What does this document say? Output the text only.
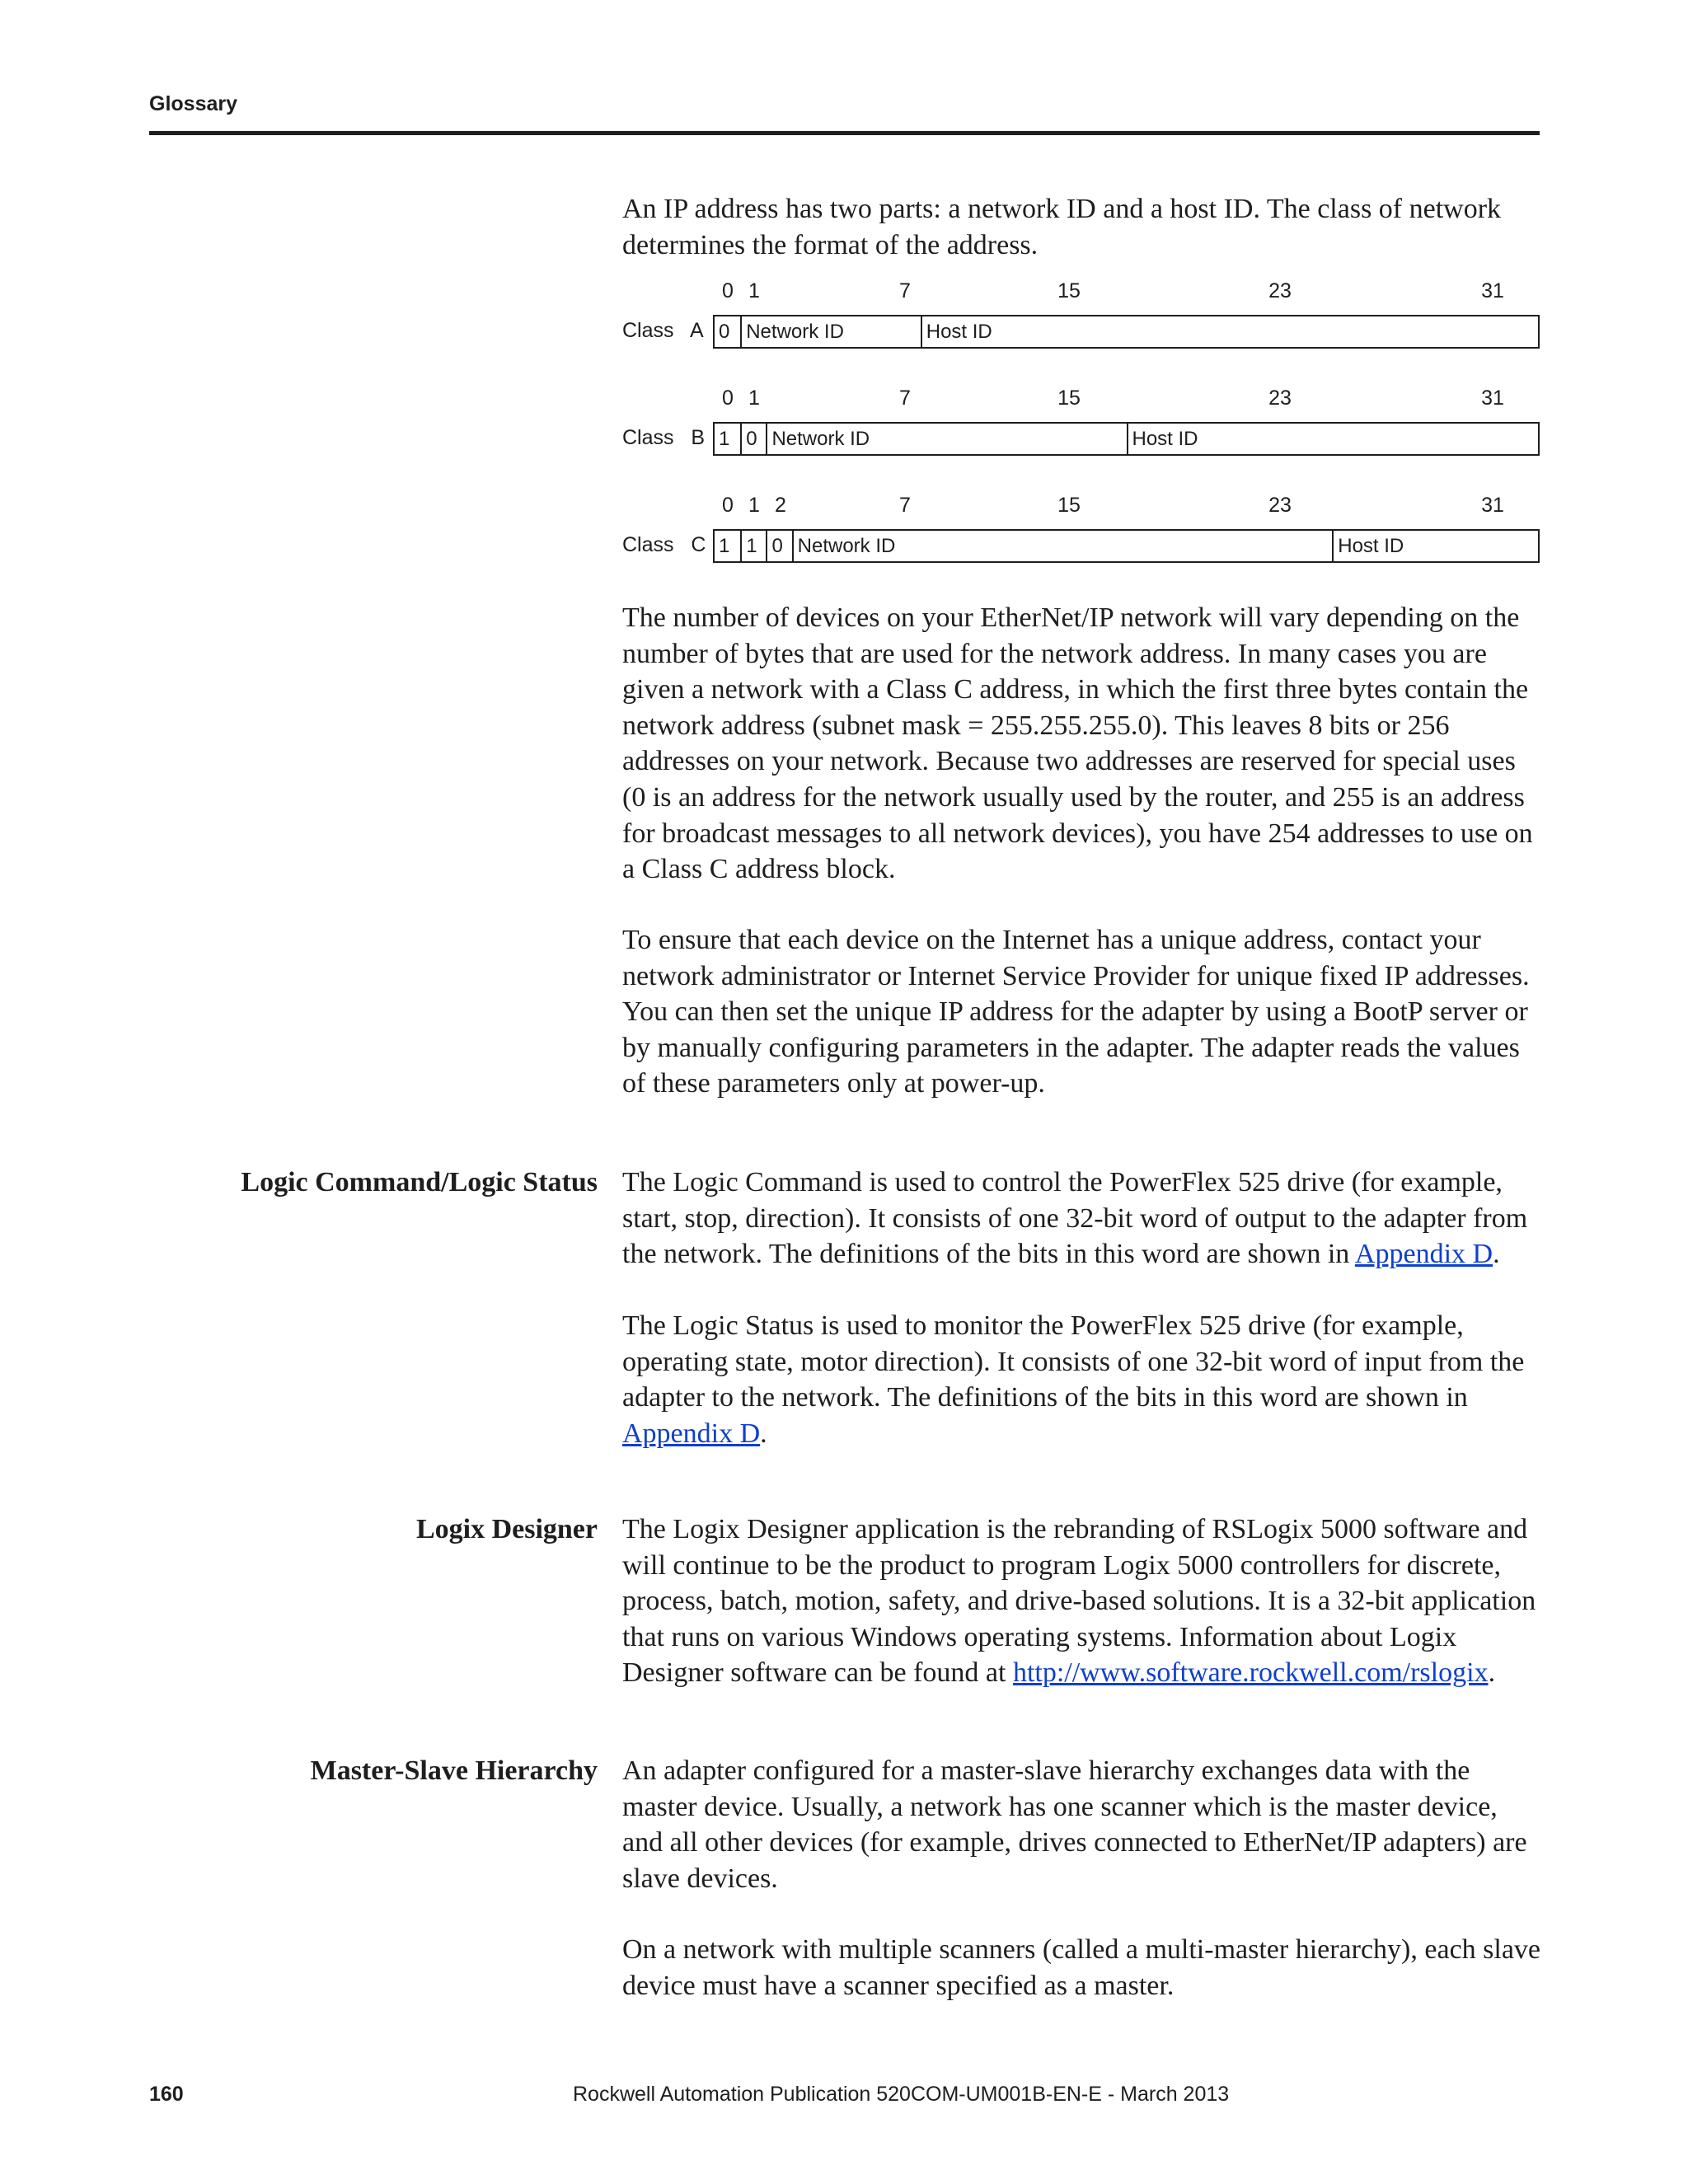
Glossary

An IP address has two parts: a network ID and a host ID. The class of network determines the format of the address.

Class   A
0 1	7	15	23	31
0 Network ID	Host ID
Class   B
0 1	7	15	23	31
1 0 Network ID	Host ID
Class   C
0 1 2	7	15	23	31
1 1 0 Network ID	Host ID

The number of devices on your EtherNet/IP network will vary depending on the number of bytes that are used for the network address. In many cases you are given a network with a Class C address, in which the first three bytes contain the network address (subnet mask = 255.255.255.0). This leaves 8 bits or 256 addresses on your network. Because two addresses are reserved for special uses (0 is an address for the network usually used by the router, and 255 is an address for broadcast messages to all network devices), you have 254 addresses to use on a Class C address block.

To ensure that each device on the Internet has a unique address, contact your network administrator or Internet Service Provider for unique fixed IP addresses. You can then set the unique IP address for the adapter by using a BootP server or by manually configuring parameters in the adapter. The adapter reads the values of these parameters only at power-up.

Logic Command/Logic Status The Logic Command is used to control the PowerFlex 525 drive (for example, start, stop, direction). It consists of one 32-bit word of output to the adapter from the network. The definitions of the bits in this word are shown in Appendix D.

The Logic Status is used to monitor the PowerFlex 525 drive (for example, operating state, motor direction). It consists of one 32-bit word of input from the adapter to the network. The definitions of the bits in this word are shown in Appendix D.

Logix Designer The Logix Designer application is the rebranding of RSLogix 5000 software and will continue to be the product to program Logix 5000 controllers for discrete, process, batch, motion, safety, and drive-based solutions. It is a 32-bit application that runs on various Windows operating systems. Information about Logix Designer software can be found at http://www.software.rockwell.com/rslogix.

Master-Slave Hierarchy An adapter configured for a master-slave hierarchy exchanges data with the master device. Usually, a network has one scanner which is the master device, and all other devices (for example, drives connected to EtherNet/IP adapters) are slave devices.

On a network with multiple scanners (called a multi-master hierarchy), each slave device must have a scanner specified as a master.

160	Rockwell Automation Publication 520COM-UM001B-EN-E - March 2013
